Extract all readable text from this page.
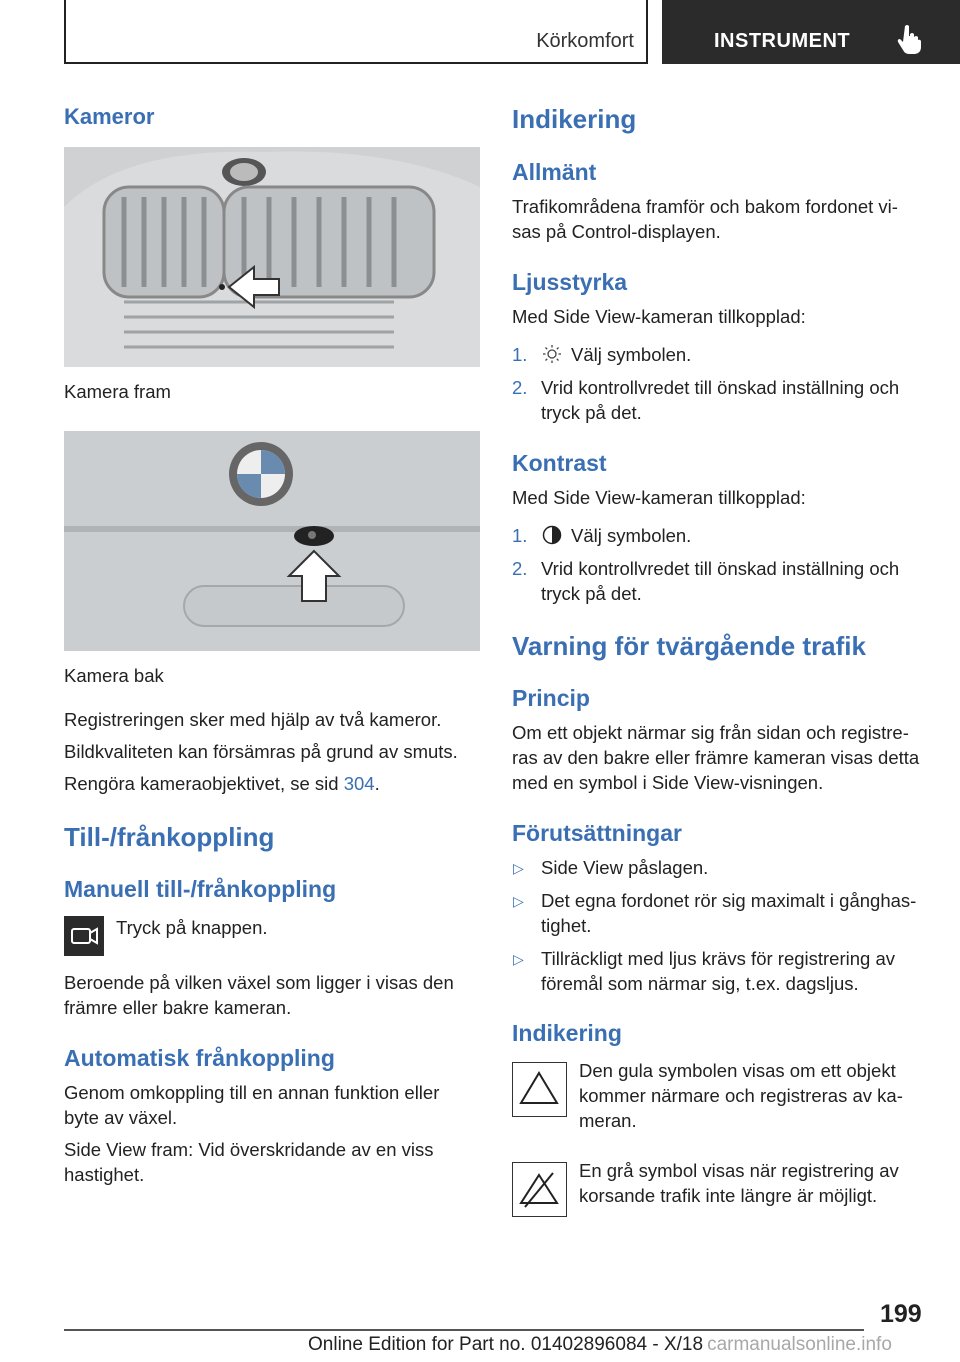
Körkomfort	INSTRUMENT
Kameror
Kamera fram
Kamera bak
Registreringen sker med hjälp av två kameror.
Bildkvaliteten kan försämras på grund av smuts.
Rengöra kameraobjektivet, se sid 304.
Till-/frånkoppling
Manuell till-/frånkoppling
Tryck på knappen.
Beroende på vilken växel som ligger i visas den
främre eller bakre kameran.
Automatisk frånkoppling
Genom omkoppling till en annan funktion eller
byte av växel.
Side View fram: Vid överskridande av en viss
hastighet.
Indikering
Allmänt
Trafikområdena framför och bakom fordonet vi-
sas på Control-displayen.
Ljusstyrka
Med Side View-kameran tillkopplad:
1. Välj symbolen.
2. Vrid kontrollvredet till önskad inställning och
tryck på det.
Kontrast
Med Side View-kameran tillkopplad:
1. Välj symbolen.
2. Vrid kontrollvredet till önskad inställning och
tryck på det.
Varning för tvärgående trafik
Princip
Om ett objekt närmar sig från sidan och registre-
ras av den bakre eller främre kameran visas detta
med en symbol i Side View-visningen.
Förutsättningar
▷ Side View påslagen.
▷ Det egna fordonet rör sig maximalt i gånghas-
tighet.
▷ Tillräckligt med ljus krävs för registrering av
föremål som närmar sig, t.ex. dagsljus.
Indikering
Den gula symbolen visas om ett objekt
kommer närmare och registreras av ka-
meran.
En grå symbol visas när registrering av
korsande trafik inte längre är möjligt.
199
Online Edition for Part no. 01402896084 - X/18 carmanualsonline.info
